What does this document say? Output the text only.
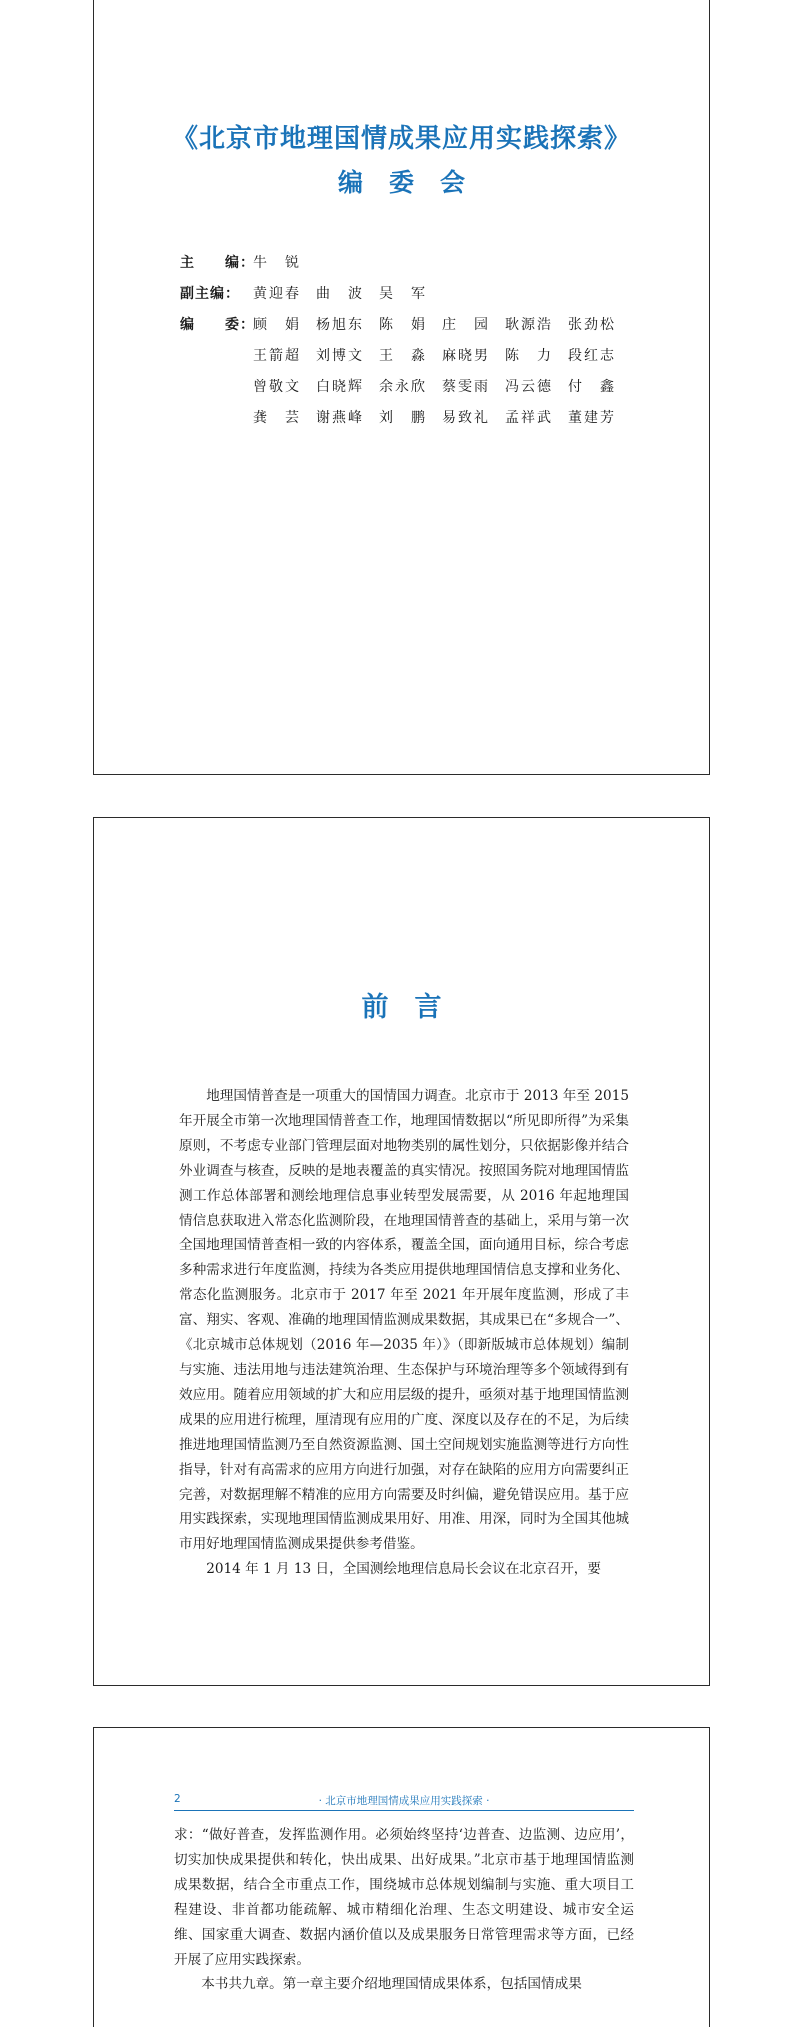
《北京市地理国情成果应用实践探索》
编委会
主　　编：
牛　锐
副主编： 黄迎春	曲　波	吴　军
编　　委：
顾　娟	杨旭东	陈　娟	庄　园	耿源浩	张劲松
王箭超	刘博文	王　淼	麻晓男	陈　力	段红志
曾敬文	白晓辉	余永欣	蔡雯雨	冯云德	付　鑫
龚　芸	谢燕峰	刘　鹏	易致礼	孟祥武	董建芳
前言

地理国情普查是一项重大的国情国力调查。北京市于 2013 年至 2015 年开展全市第一次地理国情普查工作，地理国情数据以“所见即所得”为采集原则，不考虑专业部门管理层面对地物类别的属性划分，只依据影像并结合外业调查与核查，反映的是地表覆盖的真实情况。按照国务院对地理国情监测工作总体部署和测绘地理信息事业转型发展需要，从 2016 年起地理国情信息获取进入常态化监测阶段，在地理国情普查的基础上，采用与第一次全国地理国情普查相一致的内容体系，覆盖全国，面向通用目标，综合考虑多种需求进行年度监测，持续为各类应用提供地理国情信息支撑和业务化、常态化监测服务。北京市于 2017 年至 2021 年开展年度监测，形成了丰富、翔实、客观、准确的地理国情监测成果数据，其成果已在“多规合一”、《北京城市总体规划（2016 年—2035 年）》（即新版城市总体规划）编制与实施、违法用地与违法建筑治理、生态保护与环境治理等多个领域得到有效应用。随着应用领域的扩大和应用层级的提升，亟须对基于地理国情监测成果的应用进行梳理，厘清现有应用的广度、深度以及存在的不足，为后续推进地理国情监测乃至自然资源监测、国土空间规划实施监测等进行方向性指导，针对有高需求的应用方向进行加强，对存在缺陷的应用方向需要纠正完善，对数据理解不精准的应用方向需要及时纠偏，避免错误应用。基于应用实践探索，实现地理国情监测成果用好、用准、用深，同时为全国其他城市用好地理国情监测成果提供参考借鉴。

2014 年 1 月 13 日，全国测绘地理信息局长会议在北京召开，要

2	· 北京市地理国情成果应用实践探索 ·

求：“做好普查，发挥监测作用。必须始终坚持‘边普查、边监测、边应用’，切实加快成果提供和转化，快出成果、出好成果。”北京市基于地理国情监测成果数据，结合全市重点工作，围绕城市总体规划编制与实施、重大项目工程建设、非首都功能疏解、城市精细化治理、生态文明建设、城市安全运维、国家重大调查、数据内涵价值以及成果服务日常管理需求等方面，已经开展了应用实践探索。

本书共九章。第一章主要介绍地理国情成果体系，包括国情成果
